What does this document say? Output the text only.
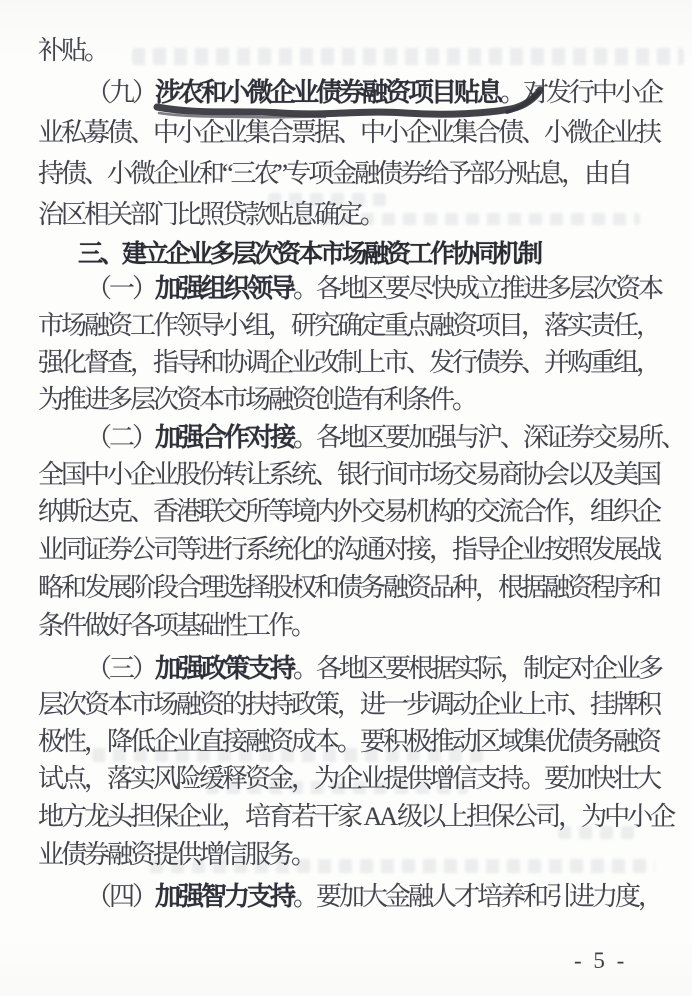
补贴。
（九）涉农和小微企业债券融资项目贴息
。对发行中小企
业私募债、中小企业集合票据、中小企业集合债、小微企业扶
持债、小微企业和“三农”专项金融债券给予部分贴息，由自
治区相关部门比照贷款贴息确定。
三、建立企业多层次资本市场融资工作协同机制
（一）加强组织领导。各地区要尽快成立推进多层次资本
市场融资工作领导小组，研究确定重点融资项目，落实责任，
强化督查，指导和协调企业改制上市、发行债券、并购重组，
为推进多层次资本市场融资创造有利条件。
（二）加强合作对接。各地区要加强与沪、深证券交易所、
全国中小企业股份转让系统、银行间市场交易商协会以及美国
纳斯达克、香港联交所等境内外交易机构的交流合作，组织企
业同证券公司等进行系统化的沟通对接，指导企业按照发展战
略和发展阶段合理选择股权和债务融资品种，根据融资程序和
条件做好各项基础性工作。
（三）加强政策支持。各地区要根据实际，制定对企业多
层次资本市场融资的扶持政策，进一步调动企业上市、挂牌积
极性，降低企业直接融资成本。要积极推动区域集优债务融资
试点，落实风险缓释资金，为企业提供增信支持。要加快壮大
地方龙头担保企业，培育若干家 AA 级以上担保公司，为中小企
业债券融资提供增信服务。
（四）加强智力支持。要加大金融人才培养和引进力度，
- 5 -
